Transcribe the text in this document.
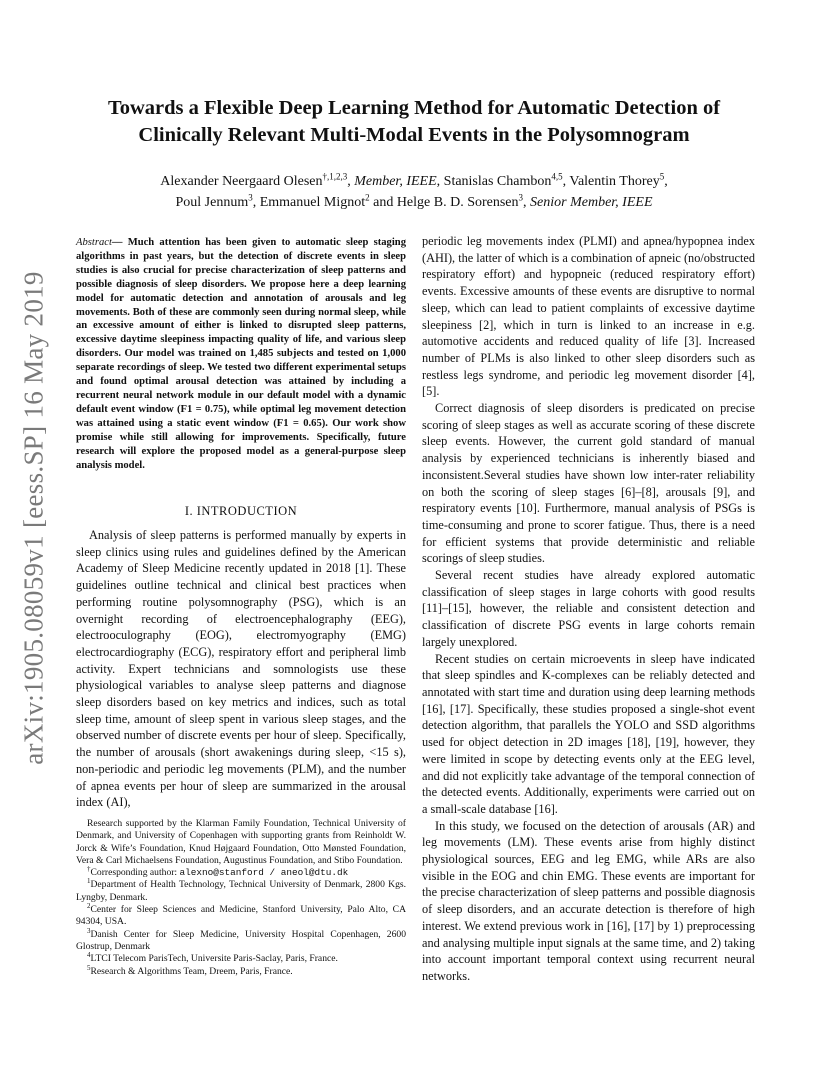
arXiv:1905.08059v1 [eess.SP] 16 May 2019
Towards a Flexible Deep Learning Method for Automatic Detection of Clinically Relevant Multi-Modal Events in the Polysomnogram
Alexander Neergaard Olesen$^{\dagger,1,2,3}$, Member, IEEE, Stanislas Chambon$^{4,5}$, Valentin Thorey$^5$,
Poul Jennum$^3$, Emmanuel Mignot$^2$ and Helge B. D. Sorensen$^3$, Senior Member, IEEE
Abstract— Much attention has been given to automatic sleep staging algorithms in past years, but the detection of discrete events in sleep studies is also crucial for precise characterization of sleep patterns and possible diagnosis of sleep disorders. We propose here a deep learning model for automatic detection and annotation of arousals and leg movements. Both of these are commonly seen during normal sleep, while an excessive amount of either is linked to disrupted sleep patterns, excessive daytime sleepiness impacting quality of life, and various sleep disorders. Our model was trained on 1,485 subjects and tested on 1,000 separate recordings of sleep. We tested two different experimental setups and found optimal arousal detection was attained by including a recurrent neural network module in our default model with a dynamic default event window (F1 = 0.75), while optimal leg movement detection was attained using a static event window (F1 = 0.65). Our work show promise while still allowing for improvements. Specifically, future research will explore the proposed model as a general-purpose sleep analysis model.
I. INTRODUCTION

Analysis of sleep patterns is performed manually by experts in sleep clinics using rules and guidelines defined by the American Academy of Sleep Medicine recently updated in 2018 [1]. These guidelines outline technical and clinical best practices when performing routine polysomnography (PSG), which is an overnight recording of electroencephalography (EEG), electrooculography (EOG), electromyography (EMG) electrocardiography (ECG), respiratory effort and peripheral limb activity. Expert technicians and somnologists use these physiological variables to analyse sleep patterns and diagnose sleep disorders based on key metrics and indices, such as total sleep time, amount of sleep spent in various sleep stages, and the observed number of discrete events per hour of sleep. Specifically, the number of arousals (short awakenings during sleep, <15 s), non-periodic and periodic leg movements (PLM), and the number of apnea events per hour of sleep are summarized in the arousal index (AI),

Research supported by the Klarman Family Foundation, Technical University of Denmark, and University of Copenhagen with supporting grants from Reinholdt W. Jorck & Wife’s Foundation, Knud Højgaard Foundation, Otto Mønsted Foundation, Vera & Carl Michaelsens Foundation, Augustinus Foundation, and Stibo Foundation.

†Corresponding author: alexno@stanford / aneol@dtu.dk

$^1$Department of Health Technology, Technical University of Denmark, 2800 Kgs. Lyngby, Denmark.

$^2$Center for Sleep Sciences and Medicine, Stanford University, Palo Alto, CA 94304, USA.

$^3$Danish Center for Sleep Medicine, University Hospital Copenhagen, 2600 Glostrup, Denmark

$^4$LTCI Telecom ParisTech, Universite Paris-Saclay, Paris, France.

$^5$Research & Algorithms Team, Dreem, Paris, France.

periodic leg movements index (PLMI) and apnea/hypopnea index (AHI), the latter of which is a combination of apneic (no/obstructed respiratory effort) and hypopneic (reduced respiratory effort) events. Excessive amounts of these events are disruptive to normal sleep, which can lead to patient complaints of excessive daytime sleepiness [2], which in turn is linked to an increase in e.g. automotive accidents and reduced quality of life [3]. Increased number of PLMs is also linked to other sleep disorders such as restless legs syndrome, and periodic leg movement disorder [4], [5].

Correct diagnosis of sleep disorders is predicated on precise scoring of sleep stages as well as accurate scoring of these discrete sleep events. However, the current gold standard of manual analysis by experienced technicians is inherently biased and inconsistent.Several studies have shown low inter-rater reliability on both the scoring of sleep stages [6]–[8], arousals [9], and respiratory events [10]. Furthermore, manual analysis of PSGs is time-consuming and prone to scorer fatigue. Thus, there is a need for efficient systems that provide deterministic and reliable scorings of sleep studies.

Several recent studies have already explored automatic classification of sleep stages in large cohorts with good results [11]–[15], however, the reliable and consistent detection and classification of discrete PSG events in large cohorts remain largely unexplored.

Recent studies on certain microevents in sleep have indicated that sleep spindles and K-complexes can be reliably detected and annotated with start time and duration using deep learning methods [16], [17]. Specifically, these studies proposed a single-shot event detection algorithm, that parallels the YOLO and SSD algorithms used for object detection in 2D images [18], [19], however, they were limited in scope by detecting events only at the EEG level, and did not explicitly take advantage of the temporal connection of the detected events. Additionally, experiments were carried out on a small-scale database [16].

In this study, we focused on the detection of arousals (AR) and leg movements (LM). These events arise from highly distinct physiological sources, EEG and leg EMG, while ARs are also visible in the EOG and chin EMG. These events are important for the precise characterization of sleep patterns and possible diagnosis of sleep disorders, and an accurate detection is therefore of high interest. We extend previous work in [16], [17] by 1) preprocessing and analysing multiple input signals at the same time, and 2) taking into account important temporal context using recurrent neural networks.
